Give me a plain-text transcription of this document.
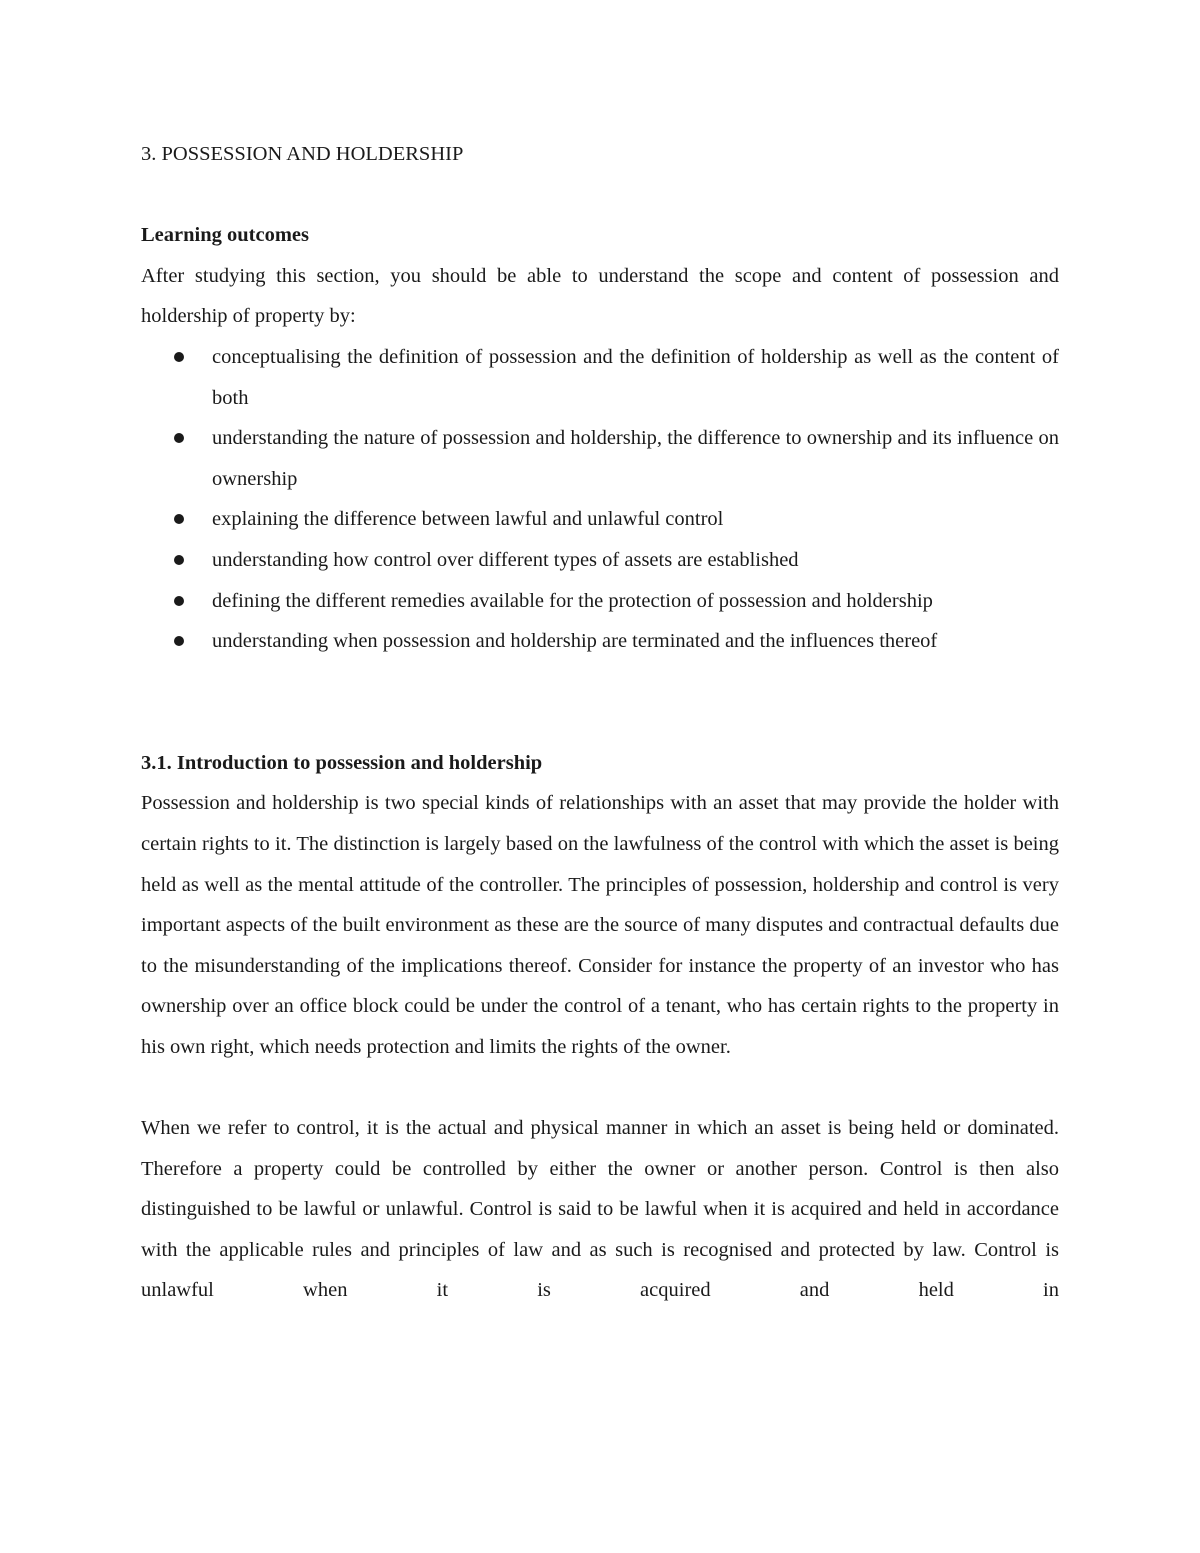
3. POSSESSION AND HOLDERSHIP
Learning outcomes

After studying this section, you should be able to understand the scope and content of possession and holdership of property by:

conceptualising the definition of possession and the definition of holdership as well as the content of both
understanding the nature of possession and holdership, the difference to ownership and its influence on ownership
explaining the difference between lawful and unlawful control
understanding how control over different types of assets are established
defining the different remedies available for the protection of possession and holdership
understanding when possession and holdership are terminated and the influences thereof
3.1. Introduction to possession and holdership

Possession and holdership is two special kinds of relationships with an asset that may provide the holder with certain rights to it. The distinction is largely based on the lawfulness of the control with which the asset is being held as well as the mental attitude of the controller. The principles of possession, holdership and control is very important aspects of the built environment as these are the source of many disputes and contractual defaults due to the misunderstanding of the implications thereof. Consider for instance the property of an investor who has ownership over an office block could be under the control of a tenant, who has certain rights to the property in his own right, which needs protection and limits the rights of the owner.

When we refer to control, it is the actual and physical manner in which an asset is being held or dominated. Therefore a property could be controlled by either the owner or another person. Control is then also distinguished to be lawful or unlawful. Control is said to be lawful when it is acquired and held in accordance with the applicable rules and principles of law and as such is recognised and protected by law. Control is unlawful when it is acquired and held in
